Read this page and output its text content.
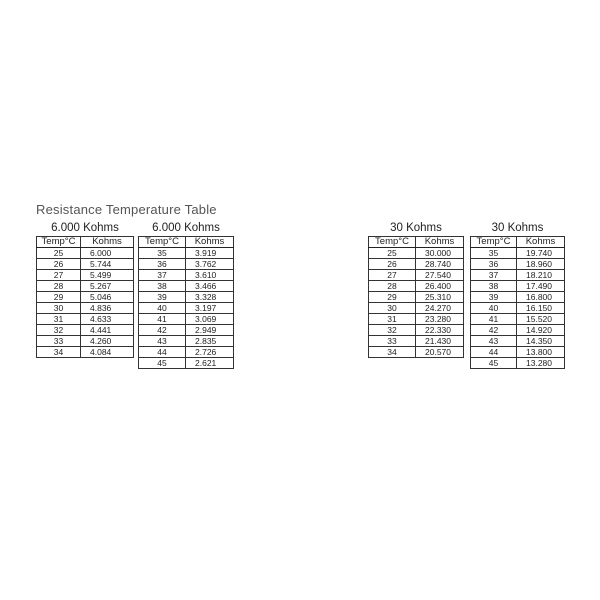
Resistance Temperature Table
6.000 Kohms
Temp°C	Kohms
25	6.000
26	5.744
27	5.499
28	5.267
29	5.046
30	4.836
31	4.633
32	4.441
33	4.260
34	4.084
6.000 Kohms
Temp°C	Kohms
35	3.919
36	3.762
37	3.610
38	3.466
39	3.328
40	3.197
41	3.069
42	2.949
43	2.835
44	2.726
45	2.621
30 Kohms
Temp°C	Kohms
25	30.000
26	28.740
27	27.540
28	26.400
29	25.310
30	24.270
31	23.280
32	22.330
33	21.430
34	20.570
30 Kohms
Temp°C	Kohms
35	19.740
36	18.960
37	18.210
38	17.490
39	16.800
40	16.150
41	15.520
42	14.920
43	14.350
44	13.800
45	13.280
